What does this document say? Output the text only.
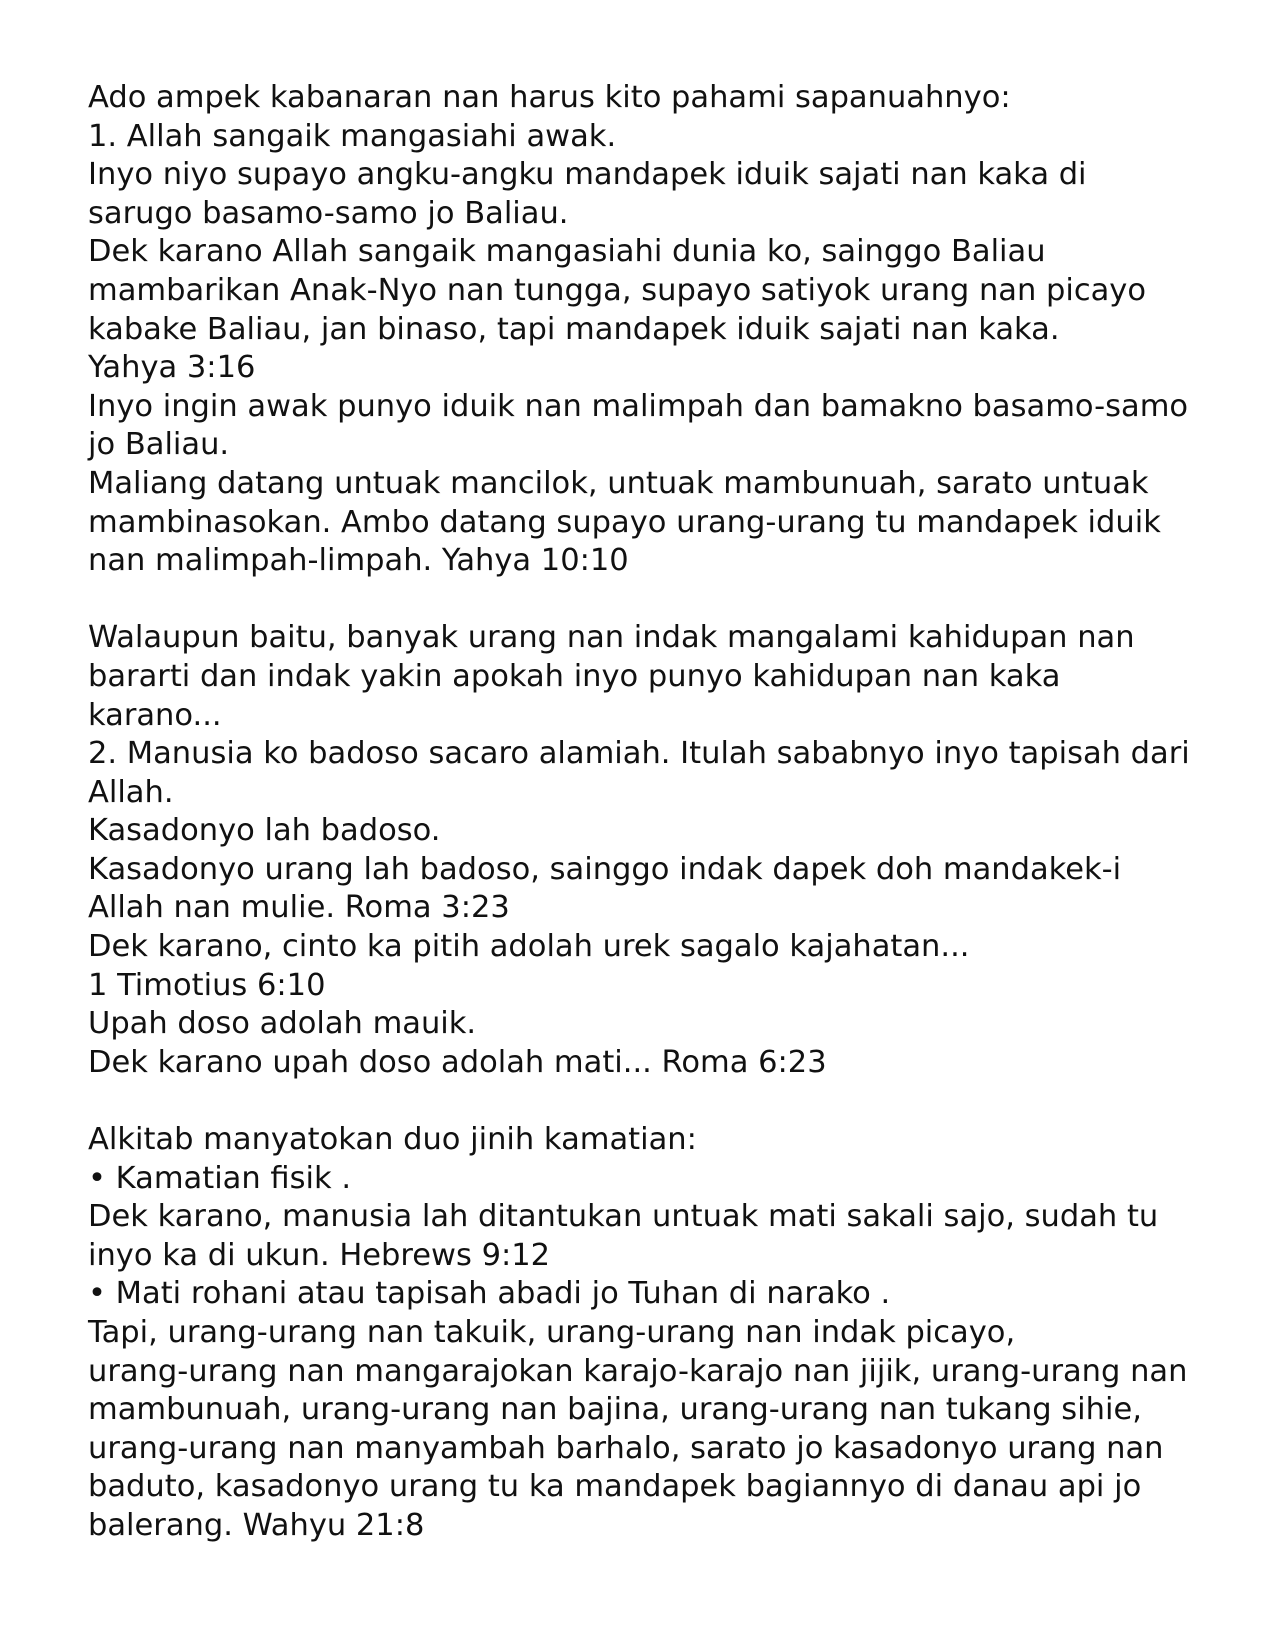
Ado ampek kabanaran nan harus kito pahami sapanuahnyo:
1. Allah sangaik mangasiahi awak.
Inyo niyo supayo angku-angku mandapek iduik sajati nan kaka di
sarugo basamo-samo jo Baliau.
Dek karano Allah sangaik mangasiahi dunia ko, sainggo Baliau
mambarikan Anak-Nyo nan tungga, supayo satiyok urang nan picayo
kabake Baliau, jan binaso, tapi mandapek iduik sajati nan kaka.
Yahya 3:16
Inyo ingin awak punyo iduik nan malimpah dan bamakno basamo-samo
jo Baliau.
Maliang datang untuak mancilok, untuak mambunuah, sarato untuak
mambinasokan. Ambo datang supayo urang-urang tu mandapek iduik
nan malimpah-limpah. Yahya 10:10
Walaupun baitu, banyak urang nan indak mangalami kahidupan nan
bararti dan indak yakin apokah inyo punyo kahidupan nan kaka
karano...
2. Manusia ko badoso sacaro alamiah. Itulah sababnyo inyo tapisah dari
Allah.
Kasadonyo lah badoso.
Kasadonyo urang lah badoso, sainggo indak dapek doh mandakek-i
Allah nan mulie. Roma 3:23
Dek karano, cinto ka pitih adolah urek sagalo kajahatan...
1 Timotius 6:10
Upah doso adolah mauik.
Dek karano upah doso adolah mati... Roma 6:23
Alkitab manyatokan duo jinih kamatian:
• Kamatian fisik .
Dek karano, manusia lah ditantukan untuak mati sakali sajo, sudah tu
inyo ka di ukun. Hebrews 9:12
• Mati rohani atau tapisah abadi jo Tuhan di narako .
Tapi, urang-urang nan takuik, urang-urang nan indak picayo,
urang-urang nan mangarajokan karajo-karajo nan jijik, urang-urang nan
mambunuah, urang-urang nan bajina, urang-urang nan tukang sihie,
urang-urang nan manyambah barhalo, sarato jo kasadonyo urang nan
baduto, kasadonyo urang tu ka mandapek bagiannyo di danau api jo
balerang. Wahyu 21:8
